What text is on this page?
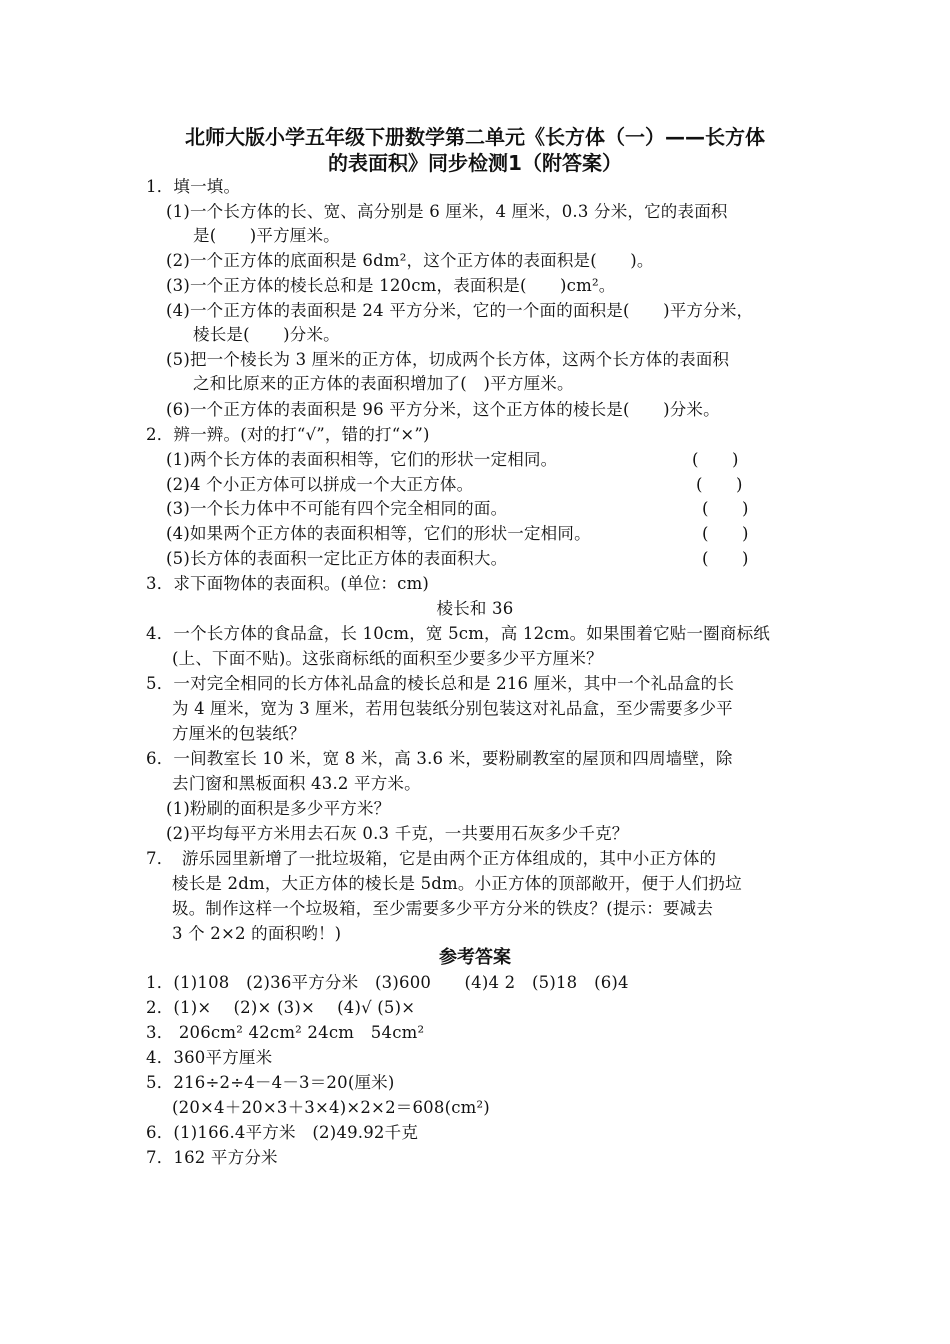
北师大版小学五年级下册数学第二单元《长方体（一）——长方体
的表面积》同步检测1（附答案）
1．填一填。
(1)一个长方体的长、宽、高分别是 6 厘米，4 厘米，0.3 分米，它的表面积
是(　　)平方厘米。
(2)一个正方体的底面积是 6dm²，这个正方体的表面积是(　　)。
(3)一个正方体的棱长总和是 120cm，表面积是(　　)cm²。
(4)一个正方体的表面积是 24 平方分米，它的一个面的面积是(　　)平方分米，
棱长是(　　)分米。
(5)把一个棱长为 3 厘米的正方体，切成两个长方体，这两个长方体的表面积
之和比原来的正方体的表面积增加了(　)平方厘米。
(6)一个正方体的表面积是 96 平方分米，这个正方体的棱长是(　　)分米。
2．辨一辨。(对的打“√”，错的打“×”)
(1)两个长方体的表面积相等，它们的形状一定相同。	(　　)
(2)4 个小正方体可以拼成一个大正方体。	(　　)
(3)一个长力体中不可能有四个完全相同的面。	(　　)
(4)如果两个正方体的表面积相等，它们的形状一定相同。	(　　)
(5)长方体的表面积一定比正方体的表面积大。	(　　)
3．求下面物体的表面积。(单位：cm)
棱长和 36
4．一个长方体的食品盒，长 10cm，宽 5cm，高 12cm。如果围着它贴一圈商标纸
(上、下面不贴)。这张商标纸的面积至少要多少平方厘米？
5．一对完全相同的长方体礼品盒的棱长总和是 216 厘米，其中一个礼品盒的长
为 4 厘米，宽为 3 厘米，若用包装纸分别包装这对礼品盒，至少需要多少平
方厘米的包装纸？
6．一间教室长 10 米，宽 8 米，高 3.6 米，要粉刷教室的屋顶和四周墙壁，除
去门窗和黑板面积 43.2 平方米。
(1)粉刷的面积是多少平方米？
(2)平均每平方米用去石灰 0.3 千克，一共要用石灰多少千克？
7．　游乐园里新增了一批垃圾箱，它是由两个正方体组成的，其中小正方体的
棱长是 2dm，大正方体的棱长是 5dm。小正方体的顶部敞开，便于人们扔垃
圾。制作这样一个垃圾箱，至少需要多少平方分米的铁皮？(提示：要减去
3 个 2×2 的面积哟！)
参考答案
1．(1)108　(2)36平方分米　(3)600　　(4)4 2　(5)18　(6)4
2．(1)×　 (2)× (3)×　 (4)√ (5)×
3． 206cm² 42cm² 24cm　54cm²
4．360平方厘米
5．216÷2÷4－4－3＝20(厘米)
(20×4＋20×3＋3×4)×2×2＝608(cm²)
6．(1)166.4平方米　(2)49.92千克
7．162 平方分米
